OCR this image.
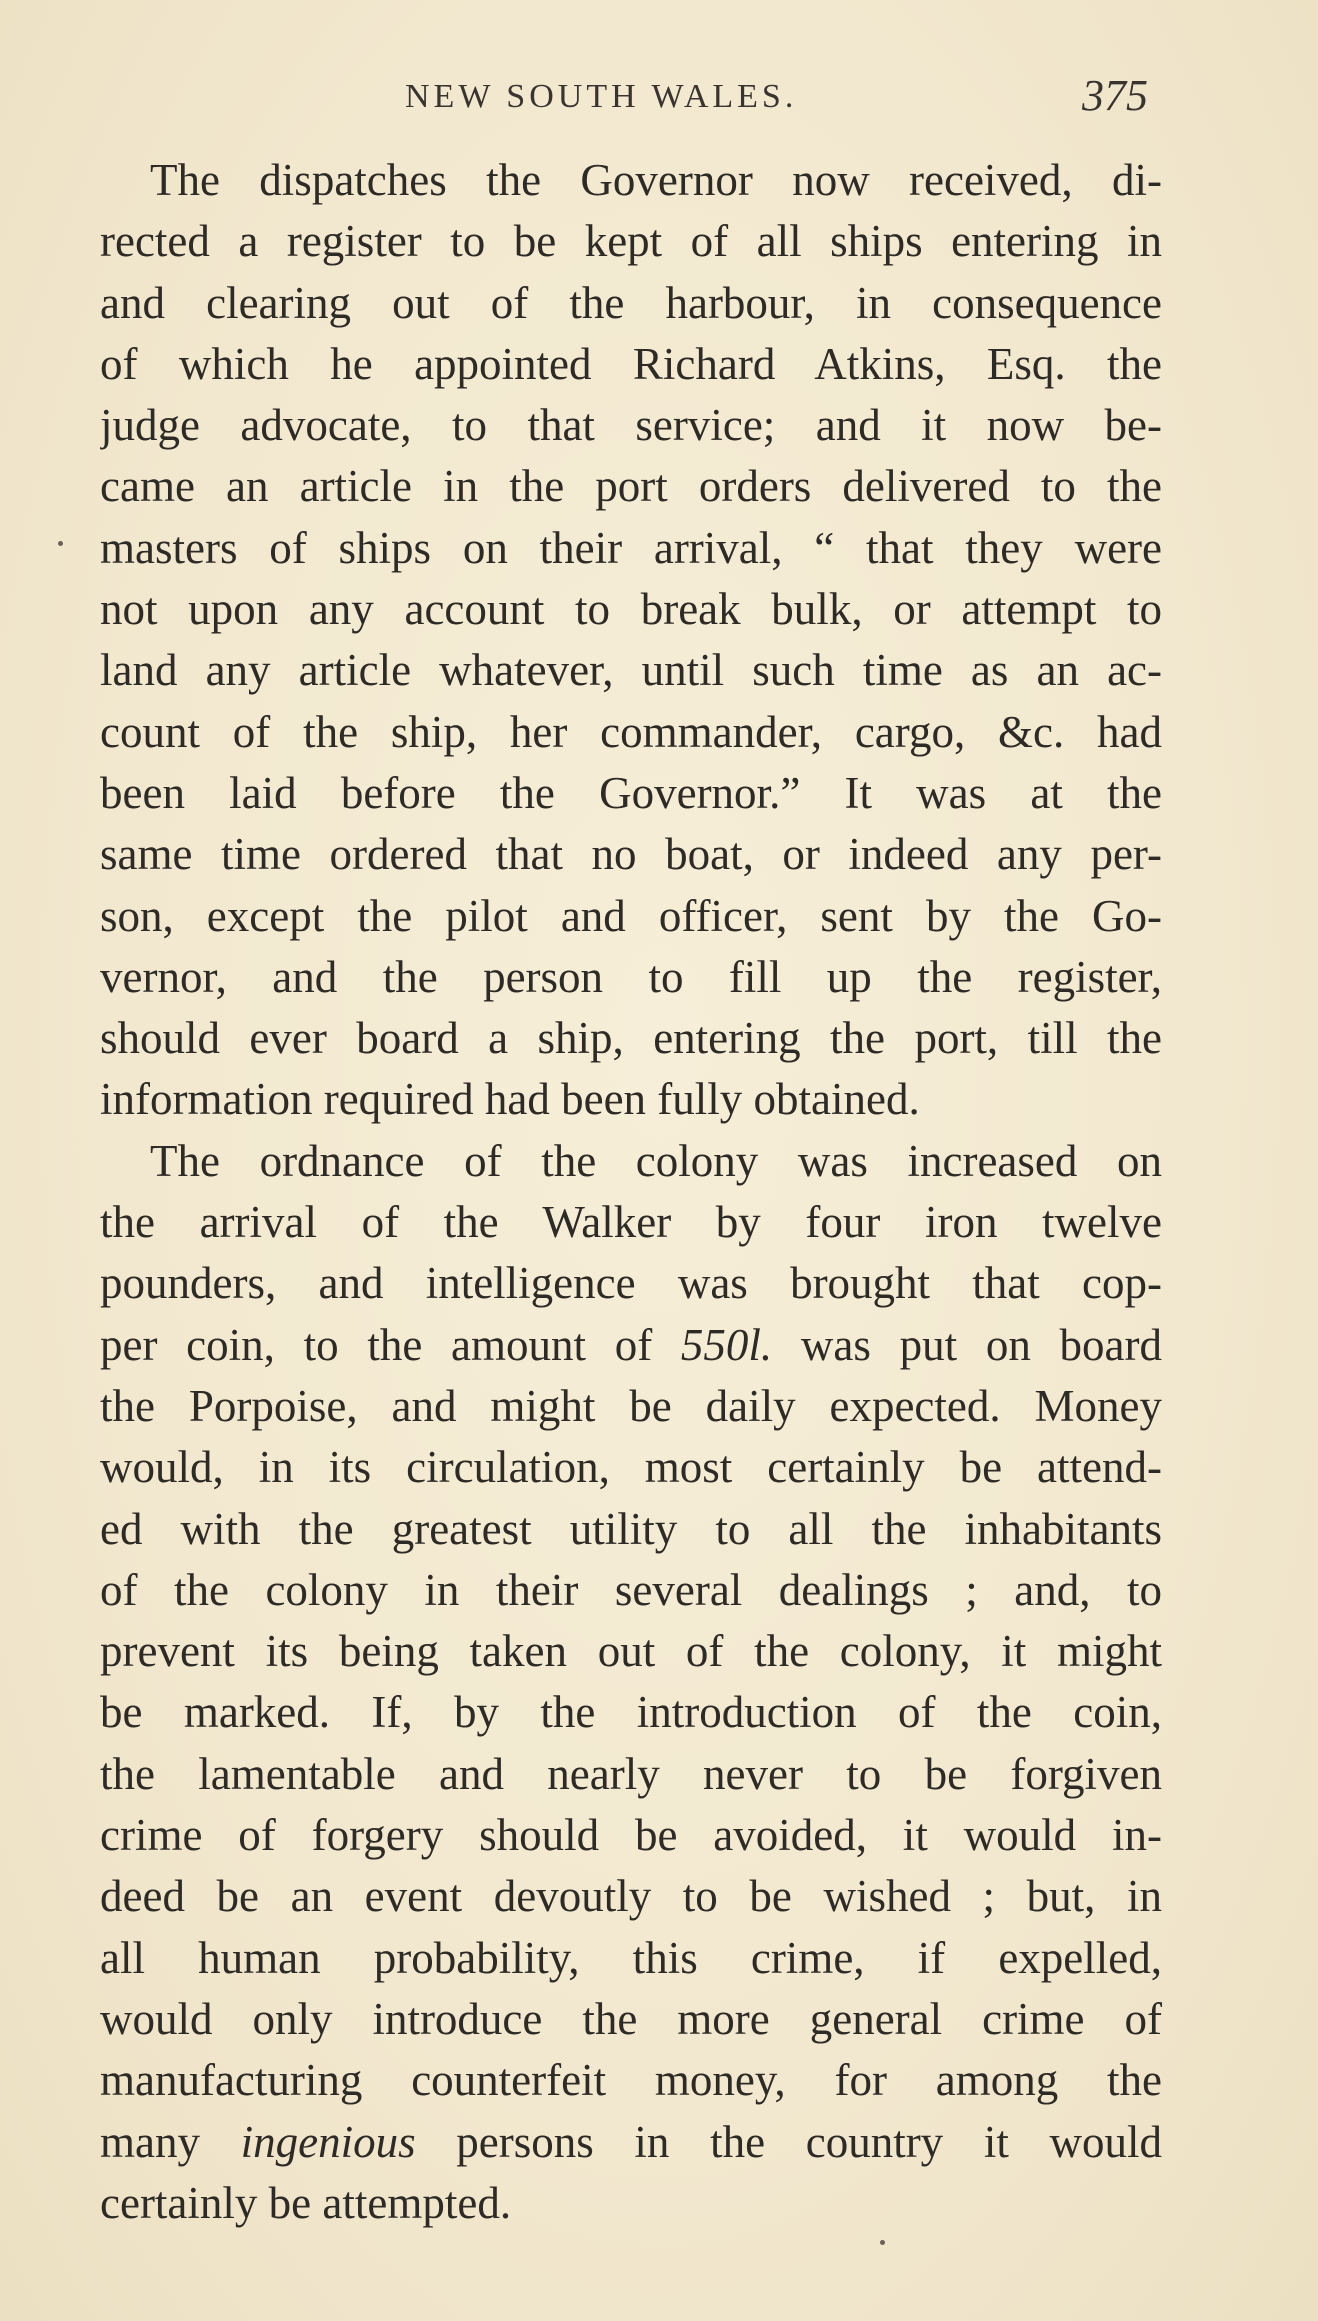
NEW SOUTH WALES.	375
The dispatches the Governor now received, di-
rected a register to be kept of all ships entering in
and clearing out of the harbour, in consequence
of which he appointed Richard Atkins, Esq. the
judge advocate, to that service; and it now be-
came an article in the port orders delivered to the
masters of ships on their arrival, “ that they were
not upon any account to break bulk, or attempt to
land any article whatever, until such time as an ac-
count of the ship, her commander, cargo, &c. had
been laid before the Governor.” It was at the
same time ordered that no boat, or indeed any per-
son, except the pilot and officer, sent by the Go-
vernor, and the person to fill up the register,
should ever board a ship, entering the port, till the
information required had been fully obtained.
The ordnance of the colony was increased on
the arrival of the Walker by four iron twelve
pounders, and intelligence was brought that cop-
per coin, to the amount of 550l. was put on board
the Porpoise, and might be daily expected. Money
would, in its circulation, most certainly be attend-
ed with the greatest utility to all the inhabitants
of the colony in their several dealings ; and, to
prevent its being taken out of the colony, it might
be marked. If, by the introduction of the coin,
the lamentable and nearly never to be forgiven
crime of forgery should be avoided, it would in-
deed be an event devoutly to be wished ; but, in
all human probability, this crime, if expelled,
would only introduce the more general crime of
manufacturing counterfeit money, for among the
many ingenious persons in the country it would
certainly be attempted.
